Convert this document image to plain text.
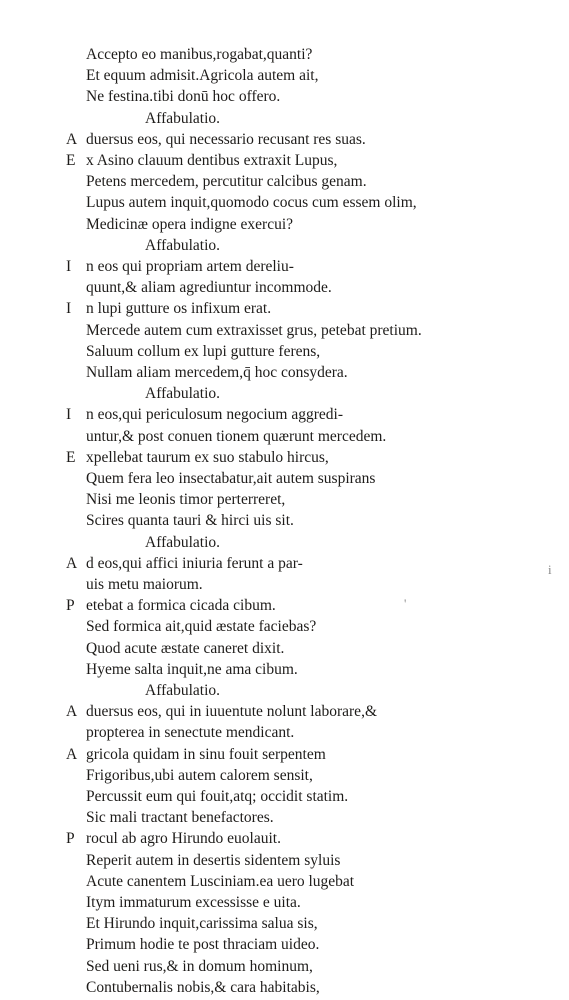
Accepto eo manibus,rogabat,quanti?
Et equum admisit.Agricola autem ait,
Ne festina.tibi donū hoc offero.
Affabulatio.
A duersus eos, qui necessario recusant res suas.
E x Asino clauum dentibus extraxit Lupus,
Petens mercedem, percutitur calcibus genam.
Lupus autem inquit,quomodo cocus cum essem olim,
Medicinæ opera indigne exercui?
Affabulatio.
I n eos qui propriam artem dereliu-
quunt,& aliam agrediuntur incommode.
I n lupi gutture os infixum erat.
Mercede autem cum extraxisset grus, petebat pretium.
Saluum collum ex lupi gutture ferens,
Nullam aliam mercedem,q̄ hoc consydera.
Affabulatio.
I n eos,qui periculosum negocium aggredi-
untur,& post conuen tionem quærunt mercedem.
E xpellebat taurum ex suo stabulo hircus,
Quem fera leo insectabatur,ait autem suspirans
Nisi me leonis timor perterreret,
Scires quanta tauri & hirci uis sit.
Affabulatio.
A d eos,qui affici iniuria ferunt a par-
uis metu maiorum.
P etebat a formica cicada cibum.
Sed formica ait,quid æstate faciebas?
Quod acute æstate caneret dixit.
Hyeme salta inquit,ne ama cibum.
Affabulatio.
A duersus eos, qui in iuuentute nolunt laborare,&
propterea in senectute mendicant.
A gricola quidam in sinu fouit serpentem
Frigoribus,ubi autem calorem sensit,
Percussit eum qui fouit,atq; occidit statim.
Sic mali tractant benefactores.
P rocul ab agro Hirundo euolauit.
Reperit autem in desertis sidentem syluis
Acute canentem Lusciniam.ea uero lugebat
Itym immaturum excessisse e uita.
Et Hirundo inquit,carissima salua sis,
Primum hodie te post thraciam uideo.
Sed ueni rus,& in domum hominum,
Contubernalis nobis,& cara habitabis,
i
'
